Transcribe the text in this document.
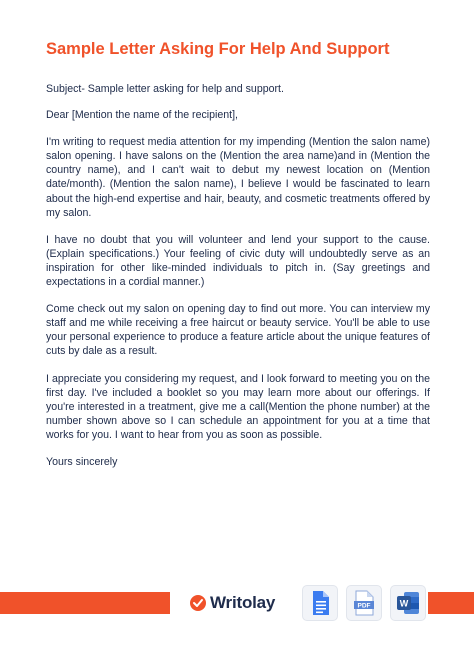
Sample Letter Asking For Help And Support

Subject- Sample letter asking for help and support.

Dear [Mention the name of the recipient],

I'm writing to request media attention for my impending (Mention the salon name) salon opening. I have salons on the (Mention the area name)and in (Mention the country name), and I can't wait to debut my newest location on (Mention date/month). (Mention the salon name), I believe I would be fascinated to learn about the high-end expertise and hair, beauty, and cosmetic treatments offered by my salon.

I have no doubt that you will volunteer and lend your support to the cause. (Explain specifications.) Your feeling of civic duty will undoubtedly serve as an inspiration for other like-minded individuals to pitch in. (Say greetings and expectations in a cordial manner.)

Come check out my salon on opening day to find out more. You can interview my staff and me while receiving a free haircut or beauty service. You'll be able to use your personal experience to produce a feature article about the unique features of cuts by dale as a result.

I appreciate you considering my request, and I look forward to meeting you on the first day. I've included a booklet so you may learn more about our offerings. If you're interested in a treatment, give me a call(Mention the phone number) at the number shown above so I can schedule an appointment for you at a time that works for you. I want to hear from you as soon as possible.

Yours sincerely

Writolay	PDF	W
